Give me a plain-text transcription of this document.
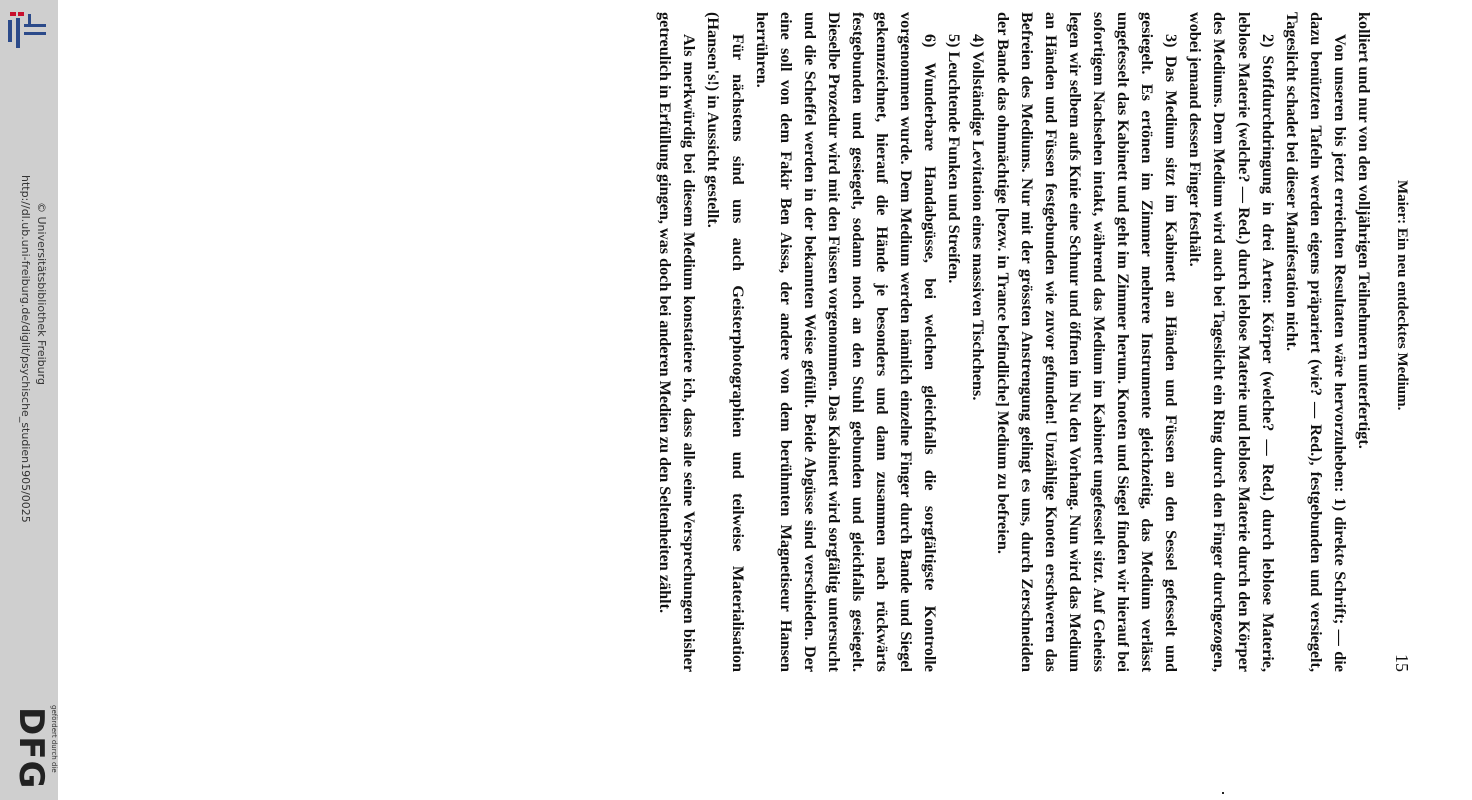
http://dl.ub.uni-freiburg.de/diglit/psychische_studien1905/0025 © Universitätsbibliothek Freiburg
gefördert durch die
DFG
Maier: Ein neu entdecktes Medium.
15

kolliert und nur von den volljährigen Teilnehmern unterfertigt.

Von unseren bis jetzt erreichten Resultaten wäre hervorzuheben: 1) direkte Schrift; — die dazu benützten Tafeln werden eigens präpariert (wie? — Red.), festgebunden und versiegelt, Tageslicht schadet bei dieser Manifestation nicht.

2) Stoffdurchdringung in drei Arten: Körper (welche? — Red.) durch leblose Materie, leblose Materie (welche? — Red.) durch leblose Materie und leblose Materie durch den Körper des Mediums. Dem Medium wird auch bei Tageslicht ein Ring durch den Finger durchgezogen, wobei jemand dessen Finger festhält.

3) Das Medium sitzt im Kabinett an Händen und Füssen an den Sessel gefesselt und gesiegelt. Es ertönen im Zimmer mehrere Instrumente gleichzeitig, das Medium verlässt ungefesselt das Kabinett und geht im Zimmer herum. Knoten und Siegel finden wir hierauf bei sofortigem Nachsehen intakt, während das Medium im Kabinett ungefesselt sitzt. Auf Geheiss legen wir selbem aufs Knie eine Schnur und öffnen im Nu den Vorhang. Nun wird das Medium an Händen und Füssen festgebunden wie zuvor gefunden! Unzählige Knoten erschweren das Befreien des Mediums. Nur mit der grössten Anstrengung gelingt es uns, durch Zerschneiden der Bande das ohnmächtige [bezw. in Trance befindliche] Medium zu befreien.

4) Vollständige Levitation eines massiven Tischchens.

5) Leuchtende Funken und Streifen.

6) Wunderbare Handabgüsse, bei welchen gleichfalls die sorgfältigste Kontrolle vorgenommen wurde. Dem Medium werden nämlich einzelne Finger durch Bande und Siegel gekennzeichnet, hierauf die Hände je besonders und dann zusammen nach rückwärts festgebunden und gesiegelt, sodann noch an den Stuhl gebunden und gleichfalls gesiegelt. Dieselbe Prozedur wird mit den Füssen vorgenommen. Das Kabinett wird sorgfältig untersucht und die Scheffel werden in der bekannten Weise gefüllt. Beide Abgüsse sind verschieden. Der eine soll von dem Fakir Ben Aissa, der andere von dem berühmten Magnetiseur Hansen herrühren.

Für nächstens sind uns auch Geisterphotographien und teilweise Materialisation (Hansen's!) in Aussicht gestellt.

Als merkwürdig bei diesem Medium konstatiere ich, dass alle seine Versprechungen bisher getreulich in Erfüllung gingen, was doch bei anderen Medien zu den Seltenheiten zählt.
